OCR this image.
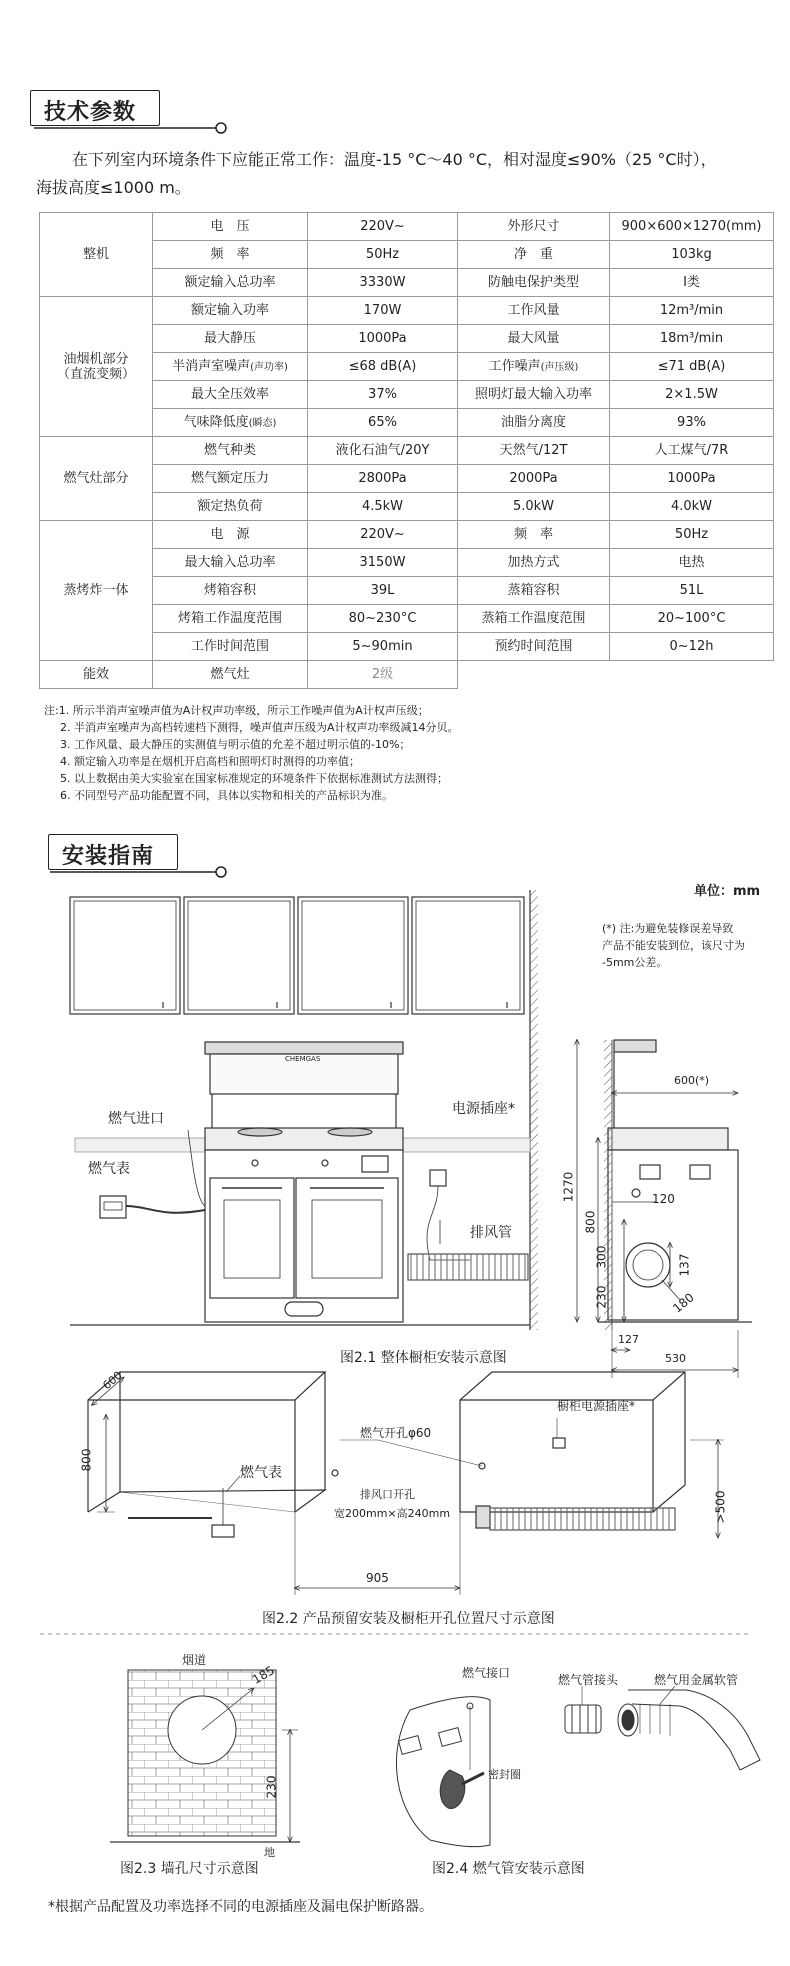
技术参数
在下列室内环境条件下应能正常工作：温度-15 °C～40 °C，相对湿度≤90%（25 °C时），
海拔高度≤1000 m。
整机	电　压	220V~	外形尺寸	900×600×1270(mm)
	频　率	50Hz	净　重	103kg
	额定输入总功率	3330W	防触电保护类型	Ⅰ类

油烟机部分
（直流变频）	额定输入功率	170W	工作风量	12m³/min
	最大静压	1000Pa	最大风量	18m³/min
	半消声室噪声(声功率)	≤68 dB(A)	工作噪声(声压级)	≤71 dB(A)
	最大全压效率	37%	照明灯最大输入功率	2×1.5W
	气味降低度(瞬态)	65%	油脂分离度	93%
燃气灶部分	燃气种类	液化石油气/20Y	天然气/12T	人工煤气/7R
	燃气额定压力	2800Pa	2000Pa	1000Pa
	额定热负荷	4.5kW	5.0kW	4.0kW
蒸烤炸一体	电　源	220V~	频　率	50Hz
	最大输入总功率	3150W	加热方式	电热
	烤箱容积	39L	蒸箱容积	51L
	烤箱工作温度范围	80~230°C	蒸箱工作温度范围	20~100°C
	工作时间范围	5~90min	预约时间范围	0~12h
能效	燃气灶	2级		
注:1. 所示半消声室噪声值为A计权声功率级，所示工作噪声值为A计权声压级；
2. 半消声室噪声为高档转速档下测得，噪声值声压级为A计权声功率级减14分贝。
3. 工作风量、最大静压的实测值与明示值的允差不超过明示值的-10%；
4. 额定输入功率是在烟机开启高档和照明灯时测得的功率值；
5. 以上数据由美大实验室在国家标准规定的环境条件下依据标准测试方法测得；
6. 不同型号产品功能配置不同，具体以实物和相关的产品标识为准。
安装指南
单位：mm
(*) 注:为避免装修误差导致
产品不能安装到位，该尺寸为
-5mm公差。
燃气进口
燃气表
电源插座*
排风管
CHEMGAS
600(*)
1270
800
300
230
120
137
180
127
530
图2.1 整体橱柜安装示意图
600
800
905
>500
燃气表
燃气开孔φ60
排风口开孔
宽200mm×高240mm
橱柜电源插座*
图2.2 产品预留安装及橱柜开孔位置尺寸示意图
烟道
185
230
地
图2.3 墙孔尺寸示意图
燃气接口
密封圈
燃气管接头	燃气用金属软管
图2.4 燃气管安装示意图
*根据产品配置及功率选择不同的电源插座及漏电保护断路器。
